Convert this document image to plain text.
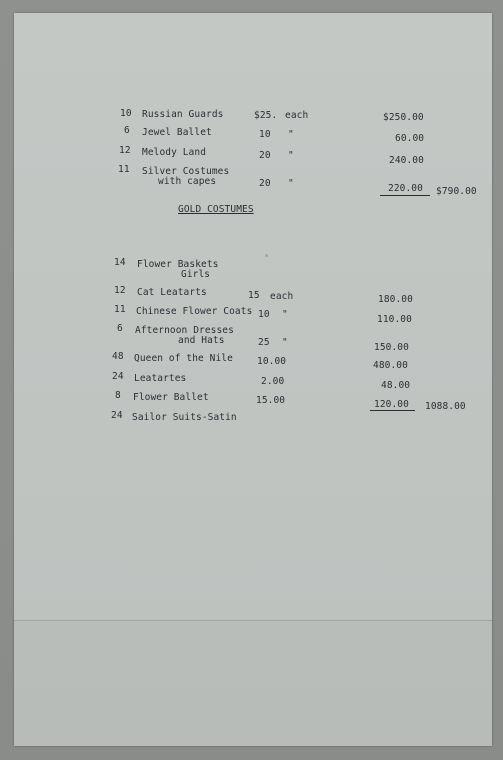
10 Russian Guards	$25. each	$250.00
6 Jewel Ballet	10 "	60.00
12 Melody Land	20 "	240.00
11 Silver Costumes
with capes	20 "	220.00 $790.00
GOLD COSTUMES
14 Flower Baskets
Girls
12 Cat Leatarts	15 each	180.00
11 Chinese Flower Coats 10 "	110.00
6 Afternoon Dresses
and Hats	25 "	150.00
48 Queen of the Nile	10.00	480.00
24 Leatartes	2.00	48.00
8 Flower Ballet	15.00	120.00 1088.00
24 Sailor Suits-Satin
